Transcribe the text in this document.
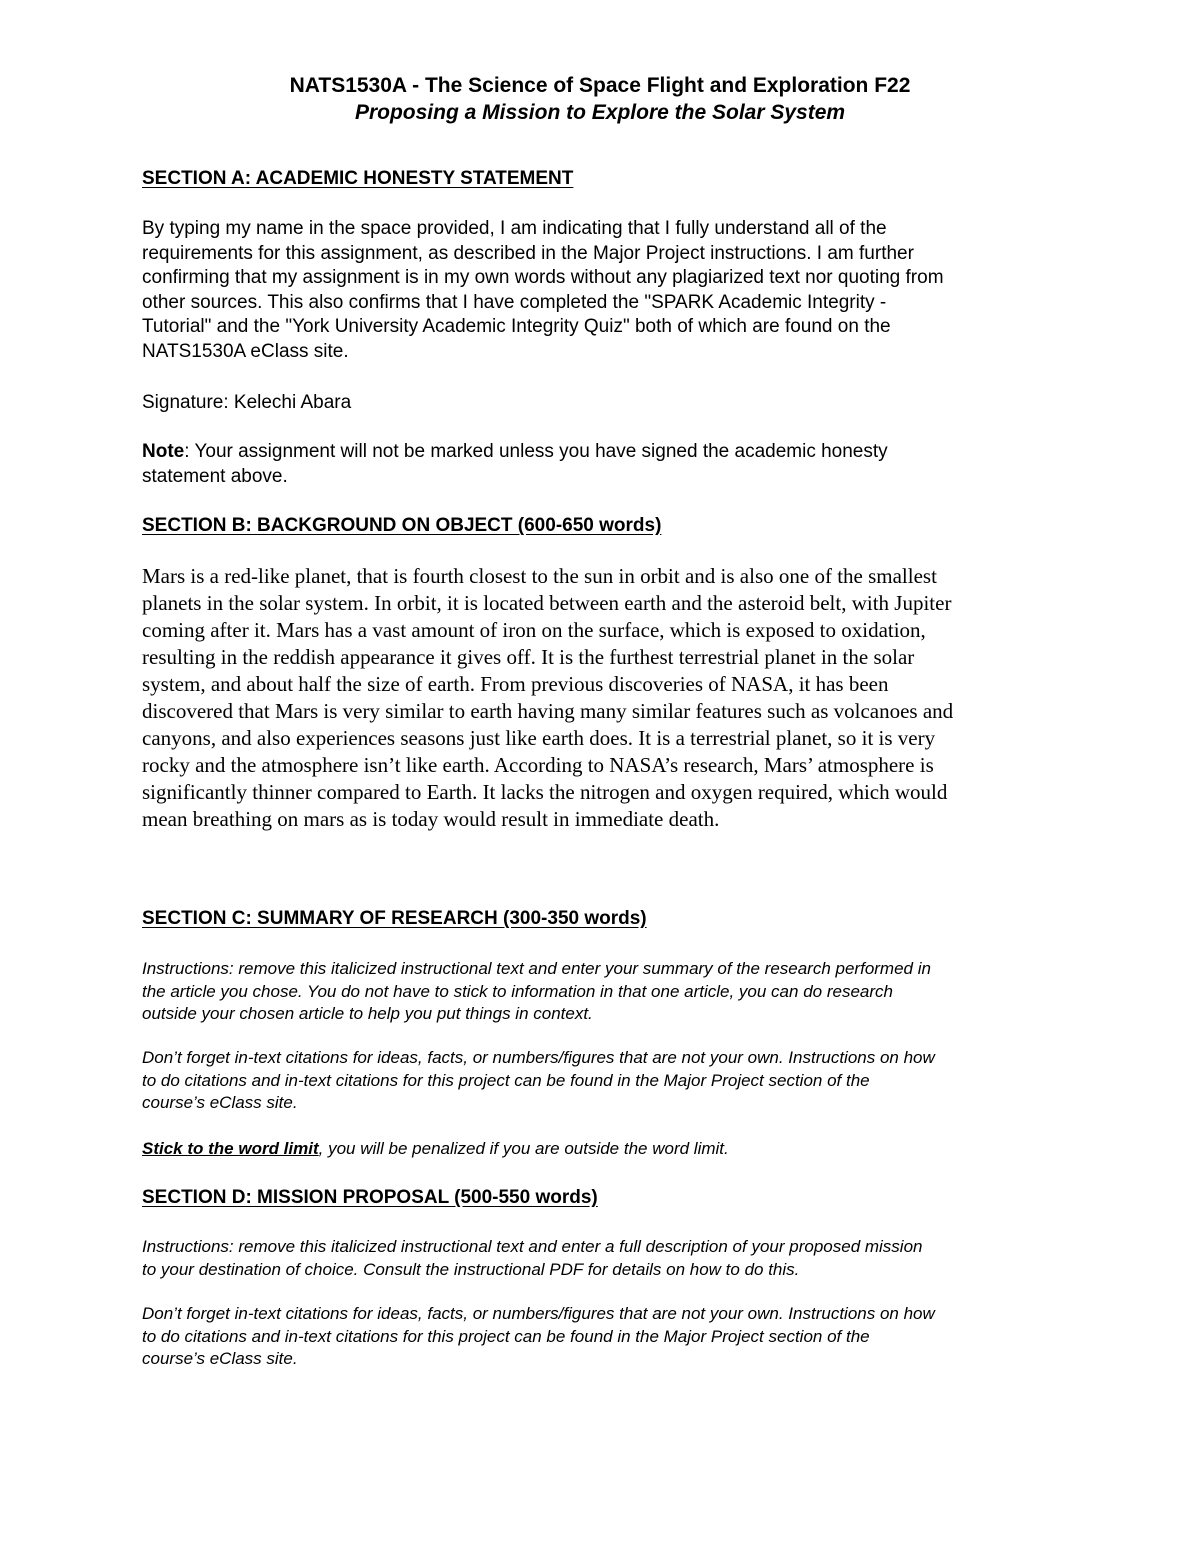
NATS1530A - The Science of Space Flight and Exploration F22
Proposing a Mission to Explore the Solar System
SECTION A: ACADEMIC HONESTY STATEMENT
By typing my name in the space provided, I am indicating that I fully understand all of the
requirements for this assignment, as described in the Major Project instructions. I am further
confirming that my assignment is in my own words without any plagiarized text nor quoting from
other sources. This also confirms that I have completed the "SPARK Academic Integrity -
Tutorial" and the "York University Academic Integrity Quiz" both of which are found on the
NATS1530A eClass site.
Signature: Kelechi Abara
Note: Your assignment will not be marked unless you have signed the academic honesty
statement above.
SECTION B: BACKGROUND ON OBJECT (600-650 words)
Mars is a red-like planet, that is fourth closest to the sun in orbit and is also one of the smallest
planets in the solar system. In orbit, it is located between earth and the asteroid belt, with Jupiter
coming after it. Mars has a vast amount of iron on the surface, which is exposed to oxidation,
resulting in the reddish appearance it gives off. It is the furthest terrestrial planet in the solar
system, and about half the size of earth. From previous discoveries of NASA, it has been
discovered that Mars is very similar to earth having many similar features such as volcanoes and
canyons, and also experiences seasons just like earth does. It is a terrestrial planet, so it is very
rocky and the atmosphere isn’t like earth. According to NASA’s research, Mars’ atmosphere is
significantly thinner compared to Earth. It lacks the nitrogen and oxygen required, which would
mean breathing on mars as is today would result in immediate death.
SECTION C: SUMMARY OF RESEARCH (300-350 words)
Instructions: remove this italicized instructional text and enter your summary of the research performed in
the article you chose. You do not have to stick to information in that one article, you can do research
outside your chosen article to help you put things in context.
Don’t forget in-text citations for ideas, facts, or numbers/figures that are not your own. Instructions on how
to do citations and in-text citations for this project can be found in the Major Project section of the
course’s eClass site.
Stick to the word limit, you will be penalized if you are outside the word limit.
SECTION D: MISSION PROPOSAL (500-550 words)
Instructions: remove this italicized instructional text and enter a full description of your proposed mission
to your destination of choice. Consult the instructional PDF for details on how to do this.
Don’t forget in-text citations for ideas, facts, or numbers/figures that are not your own. Instructions on how
to do citations and in-text citations for this project can be found in the Major Project section of the
course’s eClass site.
